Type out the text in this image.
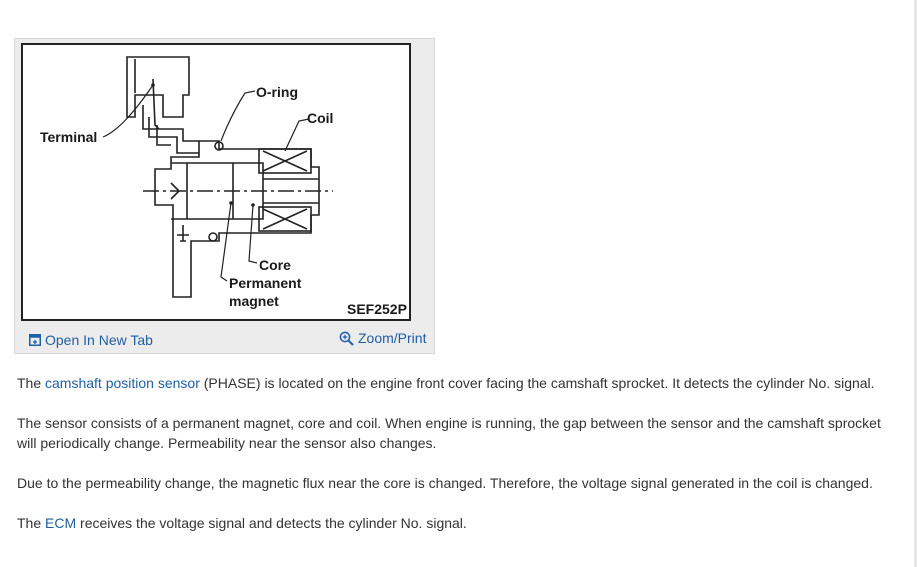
O-ring
Coil
Terminal
Core
Permanent
magnet	SEF252P
Open In New Tab	Zoom/Print

The camshaft position sensor (PHASE) is located on the engine front cover facing the camshaft sprocket. It detects the cylinder No. signal.

The sensor consists of a permanent magnet, core and coil. When engine is running, the gap between the sensor and the camshaft sprocket
will periodically change. Permeability near the sensor also changes.

Due to the permeability change, the magnetic flux near the core is changed. Therefore, the voltage signal generated in the coil is changed.

The ECM receives the voltage signal and detects the cylinder No. signal.
